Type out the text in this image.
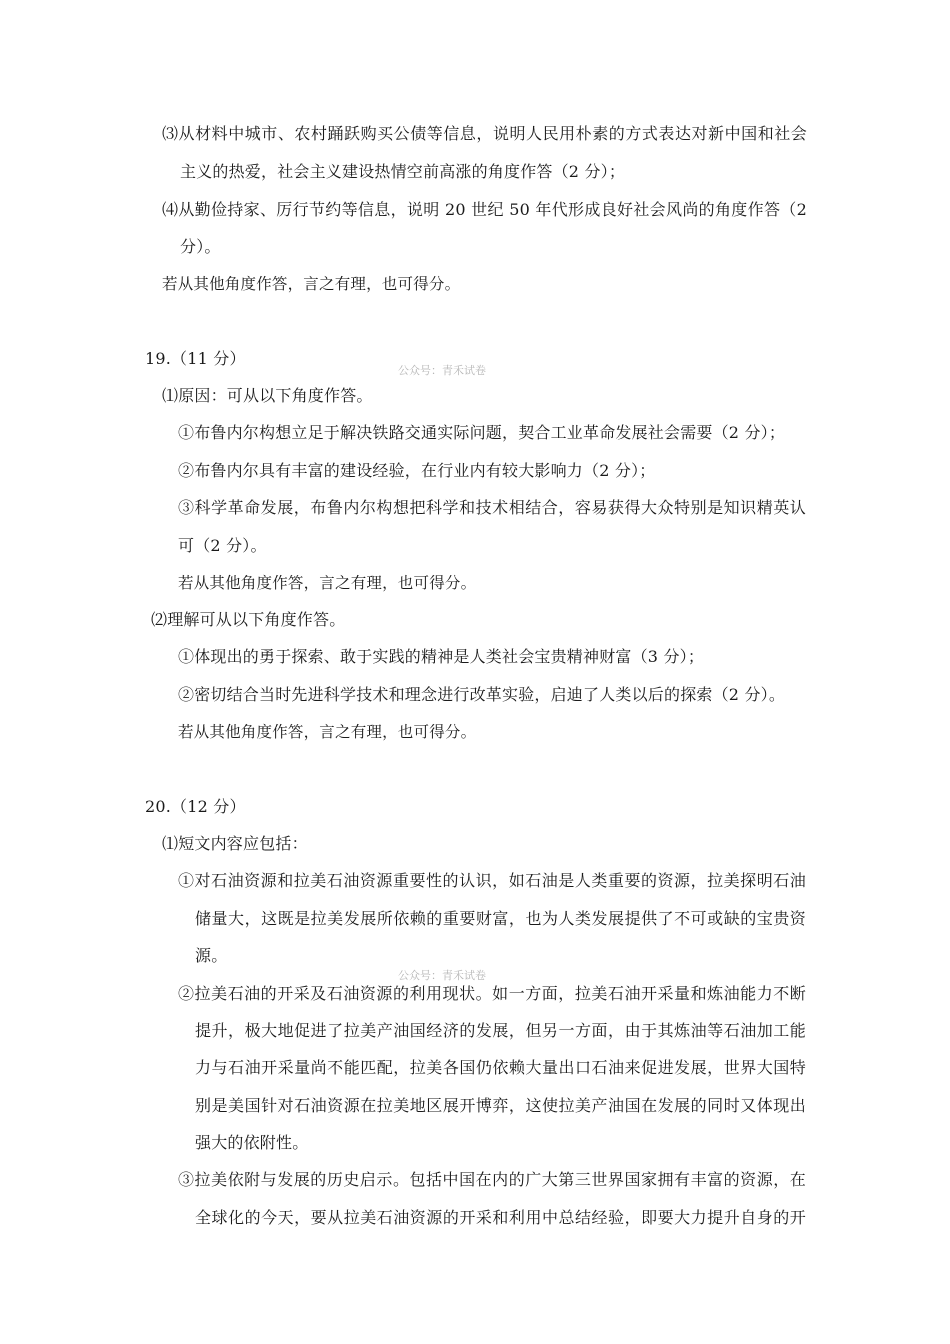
⑶从材料中城市、农村踊跃购买公债等信息，说明人民用朴素的方式表达对新中国和社会
主义的热爱，社会主义建设热情空前高涨的角度作答（2 分）；
⑷从勤俭持家、厉行节约等信息，说明 20 世纪 50 年代形成良好社会风尚的角度作答（2
分）。
若从其他角度作答，言之有理，也可得分。
19.（11 分）
公众号：青禾试卷
⑴原因：可从以下角度作答。
①布鲁内尔构想立足于解决铁路交通实际问题，契合工业革命发展社会需要（2 分）；
②布鲁内尔具有丰富的建设经验，在行业内有较大影响力（2 分）；
③科学革命发展，布鲁内尔构想把科学和技术相结合，容易获得大众特别是知识精英认
可（2 分）。
若从其他角度作答，言之有理，也可得分。
⑵理解可从以下角度作答。
①体现出的勇于探索、敢于实践的精神是人类社会宝贵精神财富（3 分）；
②密切结合当时先进科学技术和理念进行改革实验，启迪了人类以后的探索（2 分）。
若从其他角度作答，言之有理，也可得分。
20.（12 分）
⑴短文内容应包括：
①对石油资源和拉美石油资源重要性的认识，如石油是人类重要的资源，拉美探明石油
储量大，这既是拉美发展所依赖的重要财富，也为人类发展提供了不可或缺的宝贵资
源。
公众号：青禾试卷
②拉美石油的开采及石油资源的利用现状。如一方面，拉美石油开采量和炼油能力不断
提升，极大地促进了拉美产油国经济的发展，但另一方面，由于其炼油等石油加工能
力与石油开采量尚不能匹配，拉美各国仍依赖大量出口石油来促进发展，世界大国特
别是美国针对石油资源在拉美地区展开博弈，这使拉美产油国在发展的同时又体现出
强大的依附性。
③拉美依附与发展的历史启示。包括中国在内的广大第三世界国家拥有丰富的资源，在
全球化的今天，要从拉美石油资源的开采和利用中总结经验，即要大力提升自身的开
